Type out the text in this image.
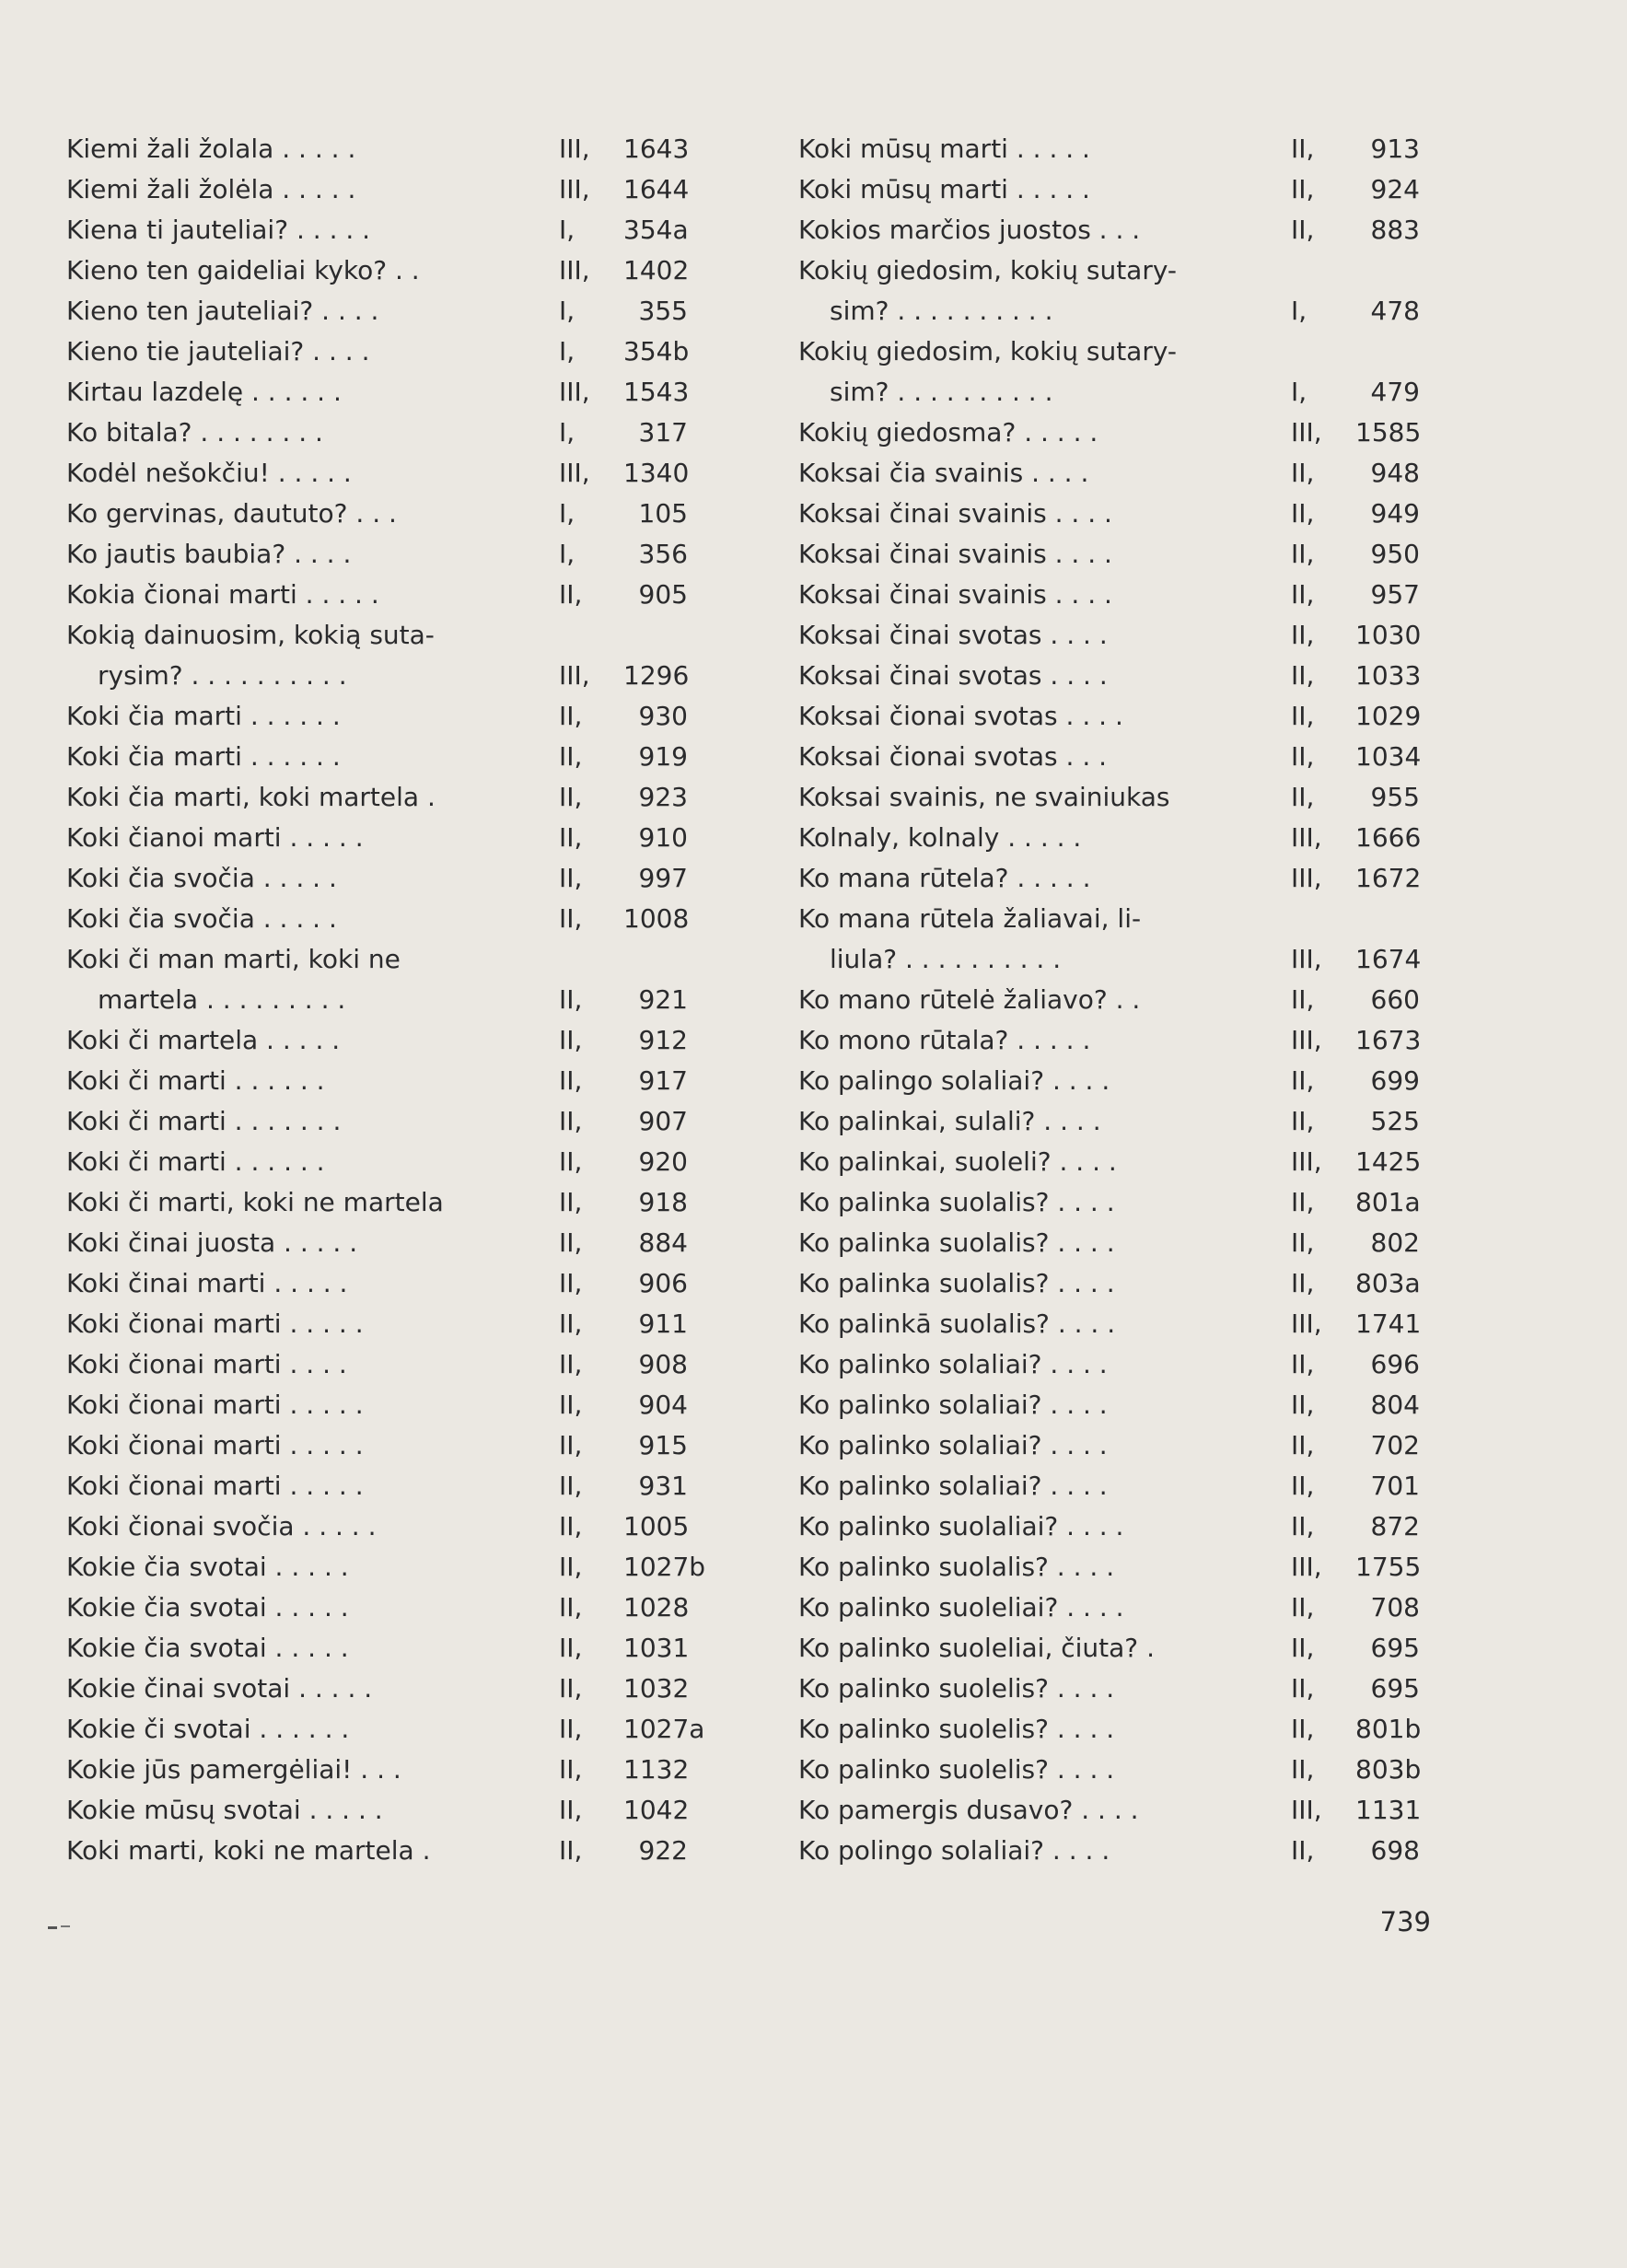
Kiemi žali žolala . . . . .	III,	1643
Kiemi žali žolėla . . . . .	III,	1644
Kiena ti jauteliai? . . . . .	I,	354a
Kieno ten gaideliai kyko? . .	III,	1402
Kieno ten jauteliai? . . . .	I,	355
Kieno tie jauteliai? . . . .	I,	354b
Kirtau lazdelę . . . . . .	III,	1543
Ko bitala? . . . . . . . .	I,	317
Kodėl nešokčiu! . . . . .	III,	1340
Ko gervinas, daututo? . . .	I,	105
Ko jautis baubia? . . . .	I,	356
Kokia čionai marti . . . . .	II,	905
Kokią dainuosim, kokią suta-
rysim? . . . . . . . . . .	III,	1296
Koki čia marti . . . . . .	II,	930
Koki čia marti . . . . . .	II,	919
Koki čia marti, koki martela .	II,	923
Koki čianoi marti . . . . .	II,	910
Koki čia svočia . . . . .	II,	997
Koki čia svočia . . . . .	II,	1008
Koki či man marti, koki ne
martela . . . . . . . . .	II,	921
Koki či martela . . . . .	II,	912
Koki či marti . . . . . .	II,	917
Koki či marti . . . . . . .	II,	907
Koki či marti . . . . . .	II,	920
Koki či marti, koki ne martela	II,	918
Koki činai juosta . . . . .	II,	884
Koki činai marti . . . . .	II,	906
Koki čionai marti . . . . .	II,	911
Koki čionai marti . . . .	II,	908
Koki čionai marti . . . . .	II,	904
Koki čionai marti . . . . .	II,	915
Koki čionai marti . . . . .	II,	931
Koki čionai svočia . . . . .	II,	1005
Kokie čia svotai . . . . .	II,	1027b
Kokie čia svotai . . . . .	II,	1028
Kokie čia svotai . . . . .	II,	1031
Kokie činai svotai . . . . .	II,	1032
Kokie či svotai . . . . . .	II,	1027a
Kokie jūs pamergėliai! . . .	II,	1132
Kokie mūsų svotai . . . . .	II,	1042
Koki marti, koki ne martela .	II,	922
Koki mūsų marti . . . . .	II,	913
Koki mūsų marti . . . . .	II,	924
Kokios marčios juostos . . .	II,	883
Kokių giedosim, kokių sutary-
sim? . . . . . . . . . .	I,	478
Kokių giedosim, kokių sutary-
sim? . . . . . . . . . .	I,	479
Kokių giedosma? . . . . .	III,	1585
Koksai čia svainis . . . .	II,	948
Koksai činai svainis . . . .	II,	949
Koksai činai svainis . . . .	II,	950
Koksai činai svainis . . . .	II,	957
Koksai činai svotas . . . .	II,	1030
Koksai činai svotas . . . .	II,	1033
Koksai čionai svotas . . . .	II,	1029
Koksai čionai svotas . . .	II,	1034
Koksai svainis, ne svainiukas	II,	955
Kolnaly, kolnaly . . . . .	III,	1666
Ko mana rūtela? . . . . .	III,	1672
Ko mana rūtela žaliavai, li-
liula? . . . . . . . . . .	III,	1674
Ko mano rūtelė žaliavo? . .	II,	660
Ko mono rūtala? . . . . .	III,	1673
Ko palingo solaliai? . . . .	II,	699
Ko palinkai, sulali? . . . .	II,	525
Ko palinkai, suoleli? . . . .	III,	1425
Ko palinka suolalis? . . . .	II,	801a
Ko palinka suolalis? . . . .	II,	802
Ko palinka suolalis? . . . .	II,	803a
Ko palinkā suolalis? . . . .	III,	1741
Ko palinko solaliai? . . . .	II,	696
Ko palinko solaliai? . . . .	II,	804
Ko palinko solaliai? . . . .	II,	702
Ko palinko solaliai? . . . .	II,	701
Ko palinko suolaliai? . . . .	II,	872
Ko palinko suolalis? . . . .	III,	1755
Ko palinko suoleliai? . . . .	II,	708
Ko palinko suoleliai, čiuta? .	II,	695
Ko palinko suolelis? . . . .	II,	695
Ko palinko suolelis? . . . .	II,	801b
Ko palinko suolelis? . . . .	II,	803b
Ko pamergis dusavo? . . . .	III,	1131
Ko polingo solaliai? . . . .	II,	698
739
